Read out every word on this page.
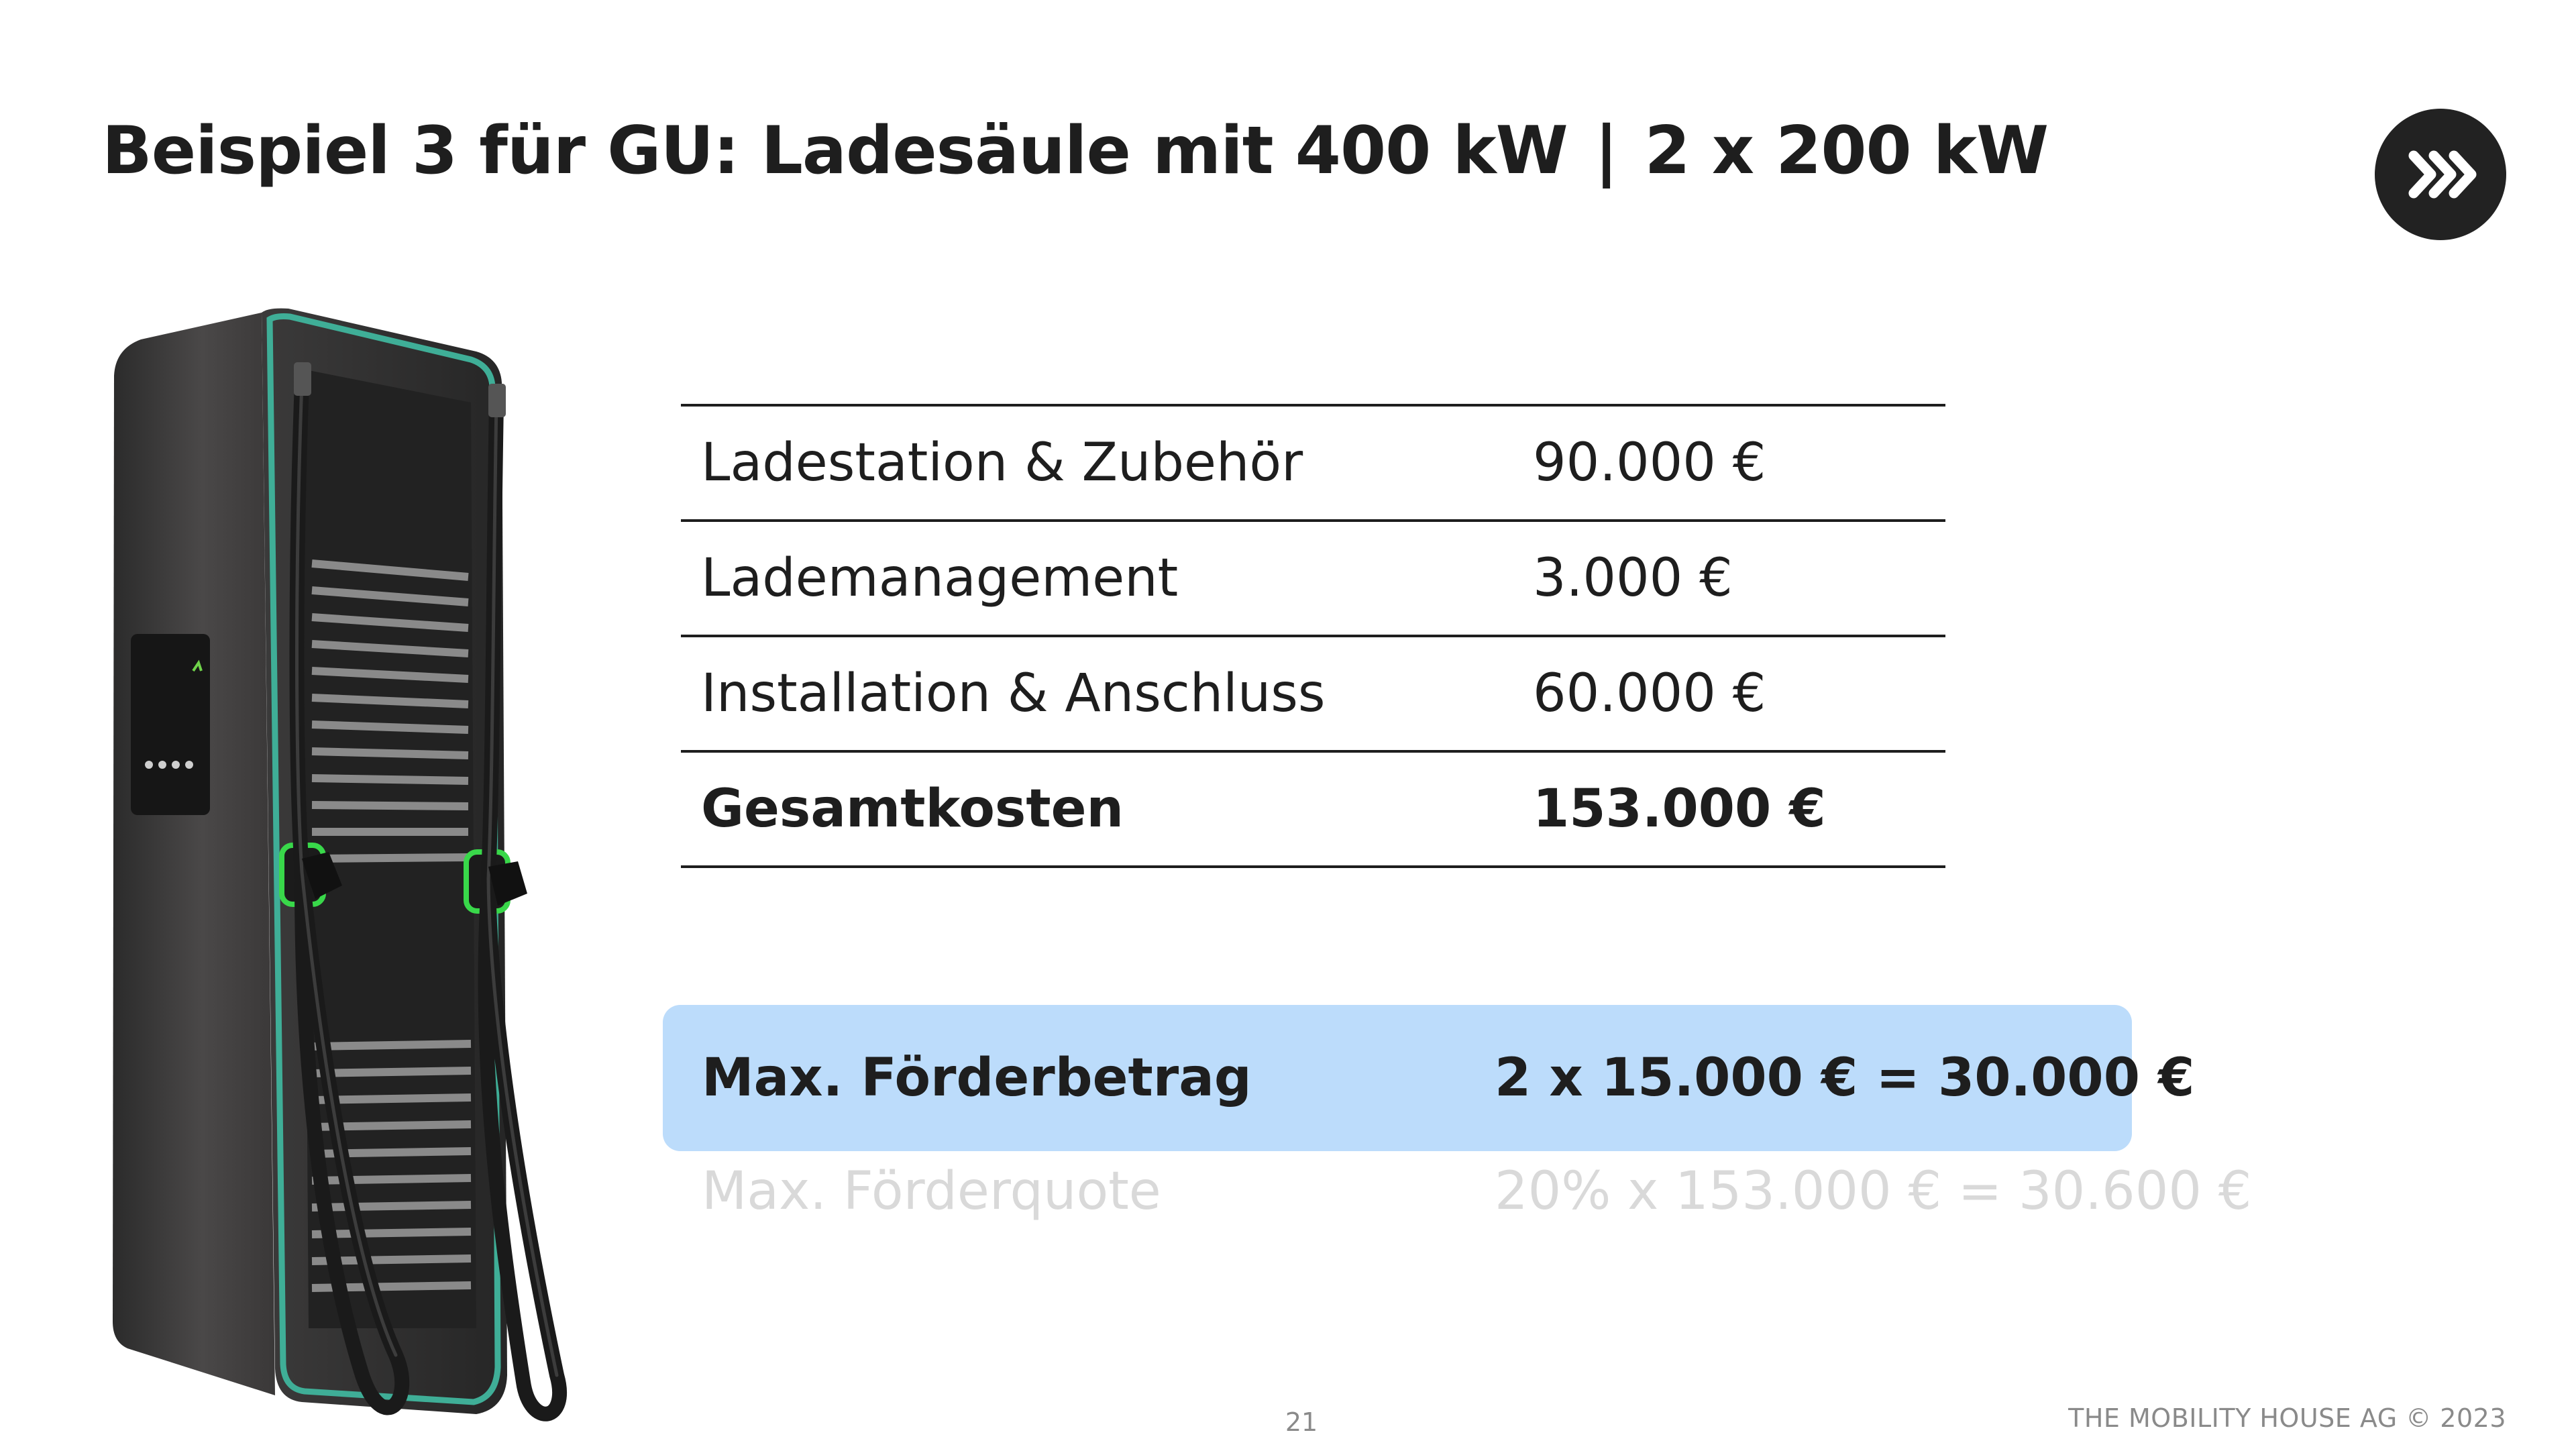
Beispiel 3 für GU: Ladesäule mit 400 kW | 2 x 200 kW
Ladestation & Zubehör	90.000 €
Lademanagement	3.000 €
Installation & Anschluss	60.000 €
Gesamtkosten	153.000 €
Max. Förderbetrag	2 x 15.000 € = 30.000 €
Max. Förderquote	20% x 153.000 € = 30.600 €
21	THE MOBILITY HOUSE AG © 2023
